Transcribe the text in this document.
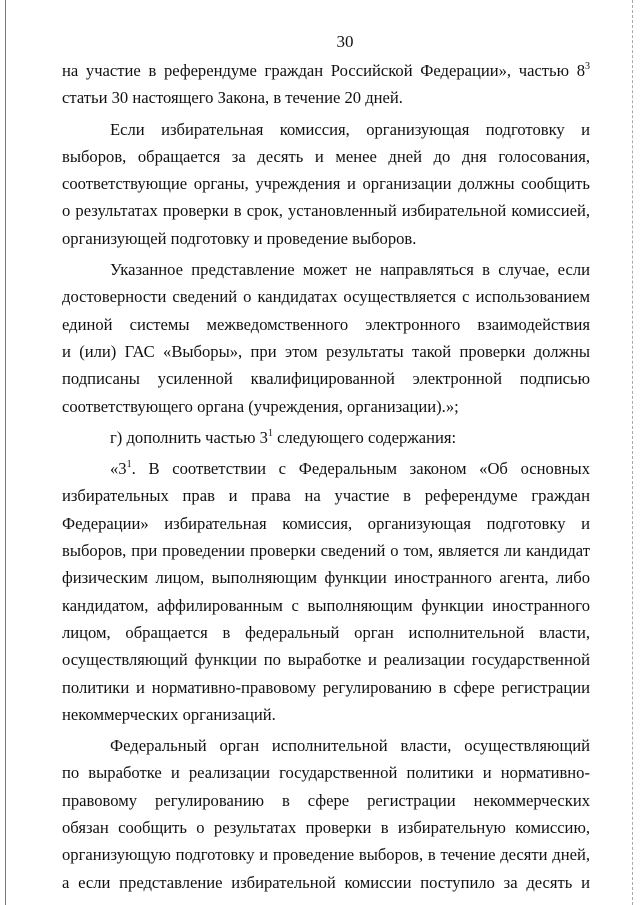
30
на участие в референдуме граждан Российской Федерации», частью $8^3$
статьи 30 настоящего Закона, в течение 20 дней.
Если избирательная комиссия, организующая подготовку и
выборов, обращается за десять и менее дней до дня голосования,
соответствующие органы, учреждения и организации должны сообщить
о результатах проверки в срок, установленный избирательной комиссией,
организующей подготовку и проведение выборов.
Указанное представление может не направляться в случае, если
достоверности сведений о кандидатах осуществляется с использованием
единой системы межведомственного электронного взаимодействия
и (или) ГАС «Выборы», при этом результаты такой проверки должны
подписаны усиленной квалифицированной электронной подписью
соответствующего органа (учреждения, организации).»;
г) дополнить частью $3^1$ следующего содержания:
«$3^1$. В соответствии с Федеральным законом «Об основных
избирательных прав и права на участие в референдуме граждан
Федерации» избирательная комиссия, организующая подготовку и
выборов, при проведении проверки сведений о том, является ли кандидат
физическим лицом, выполняющим функции иностранного агента, либо
кандидатом, аффилированным с выполняющим функции иностранного
лицом, обращается в федеральный орган исполнительной власти,
осуществляющий функции по выработке и реализации государственной
политики и нормативно-правовому регулированию в сфере регистрации
некоммерческих организаций.
Федеральный орган исполнительной власти, осуществляющий
по выработке и реализации государственной политики и нормативно-
правовому регулированию в сфере регистрации некоммерческих
обязан сообщить о результатах проверки в избирательную комиссию,
организующую подготовку и проведение выборов, в течение десяти дней,
а если представление избирательной комиссии поступило за десять и
